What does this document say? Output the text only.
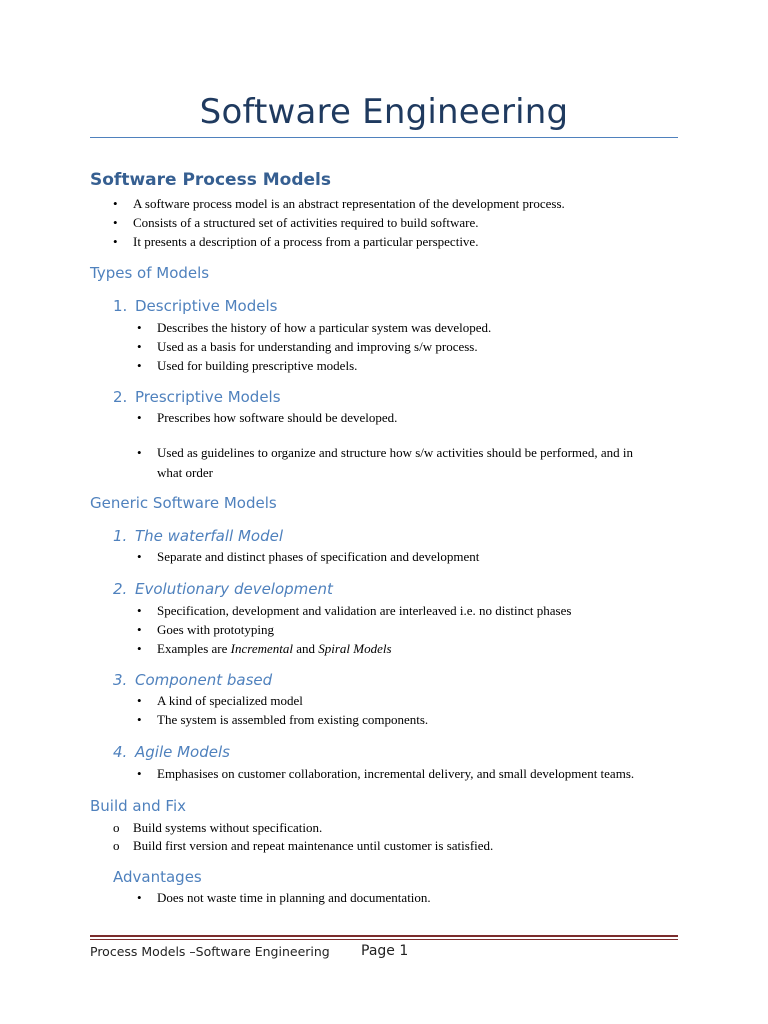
Software Engineering
Software Process Models
• A software process model is an abstract representation of the development process.
• Consists of a structured set of activities required to build software.
• It presents a description of a process from a particular perspective.
Types of Models
1. Descriptive Models
• Describes the history of how a particular system was developed.
• Used as a basis for understanding and improving s/w process.
• Used for building prescriptive models.
2. Prescriptive Models
• Prescribes how software should be developed.
• Used as guidelines to organize and structure how s/w activities should be performed, and in
what order
Generic Software Models
1. The waterfall Model
• Separate and distinct phases of specification and development
2. Evolutionary development
• Specification, development and validation are interleaved i.e. no distinct phases
• Goes with prototyping
• Examples are Incremental and Spiral Models
3. Component based
• A kind of specialized model
• The system is assembled from existing components.
4. Agile Models
• Emphasises on customer collaboration, incremental delivery, and small development teams.
Build and Fix
o Build systems without specification.
o Build first version and repeat maintenance until customer is satisfied.
Advantages
• Does not waste time in planning and documentation.
Process Models –Software Engineering Page 1
